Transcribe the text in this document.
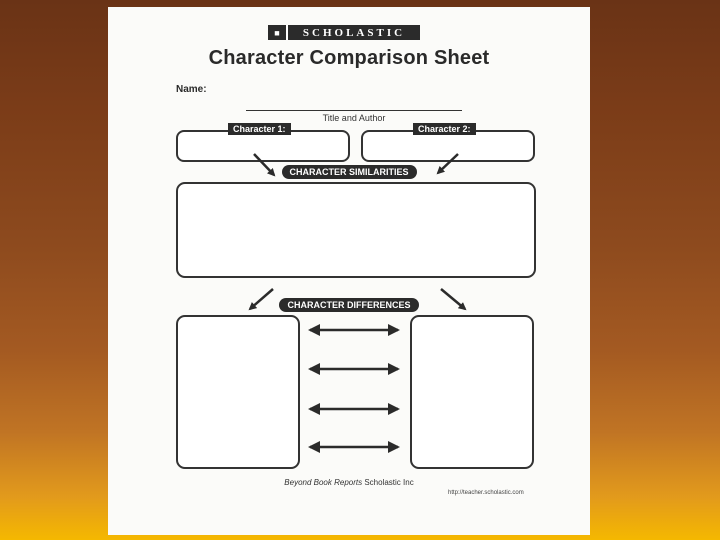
■	SCHOLASTIC
Character Comparison Sheet
Name:
Title and Author
Character 1:	Character 2:
CHARACTER SIMILARITIES
CHARACTER DIFFERENCES
Beyond Book Reports Scholastic Inc
http://teacher.scholastic.com
